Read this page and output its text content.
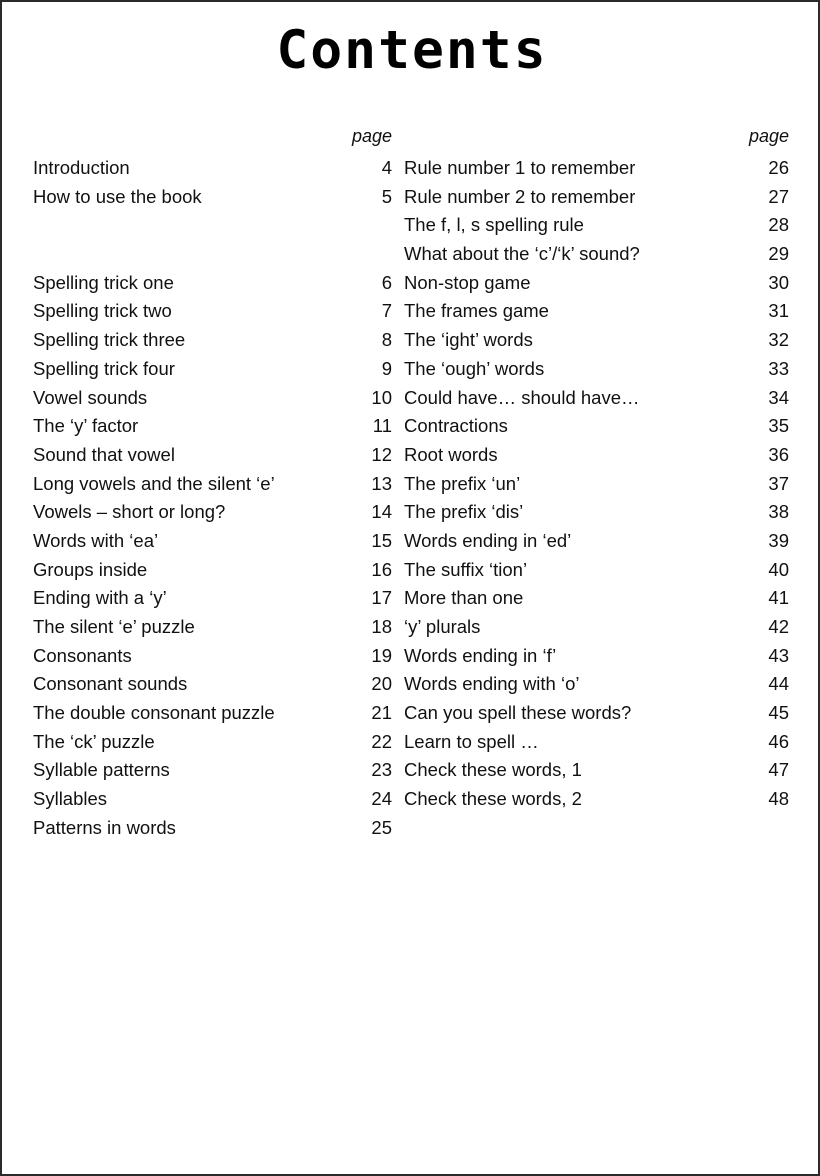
Contents
page
Introduction	4
How to use the book	5
Spelling trick one	6
Spelling trick two	7
Spelling trick three	8
Spelling trick four	9
Vowel sounds	10
The ‘y’ factor	11
Sound that vowel	12
Long vowels and the silent ‘e’	13
Vowels – short or long?	14
Words with ‘ea’	15
Groups inside	16
Ending with a ‘y’	17
The silent ‘e’ puzzle	18
Consonants	19
Consonant sounds	20
The double consonant puzzle	21
The ‘ck’ puzzle	22
Syllable patterns	23
Syllables	24
Patterns in words	25
page
Rule number 1 to remember	26
Rule number 2 to remember	27
The f, l, s spelling rule	28
What about the ‘c’/‘k’ sound?	29
Non-stop game	30
The frames game	31
The ‘ight’ words	32
The ‘ough’ words	33
Could have… should have…	34
Contractions	35
Root words	36
The prefix ‘un’	37
The prefix ‘dis’	38
Words ending in ‘ed’	39
The suffix ‘tion’	40
More than one	41
‘y’ plurals	42
Words ending in ‘f’	43
Words ending with ‘o’	44
Can you spell these words?	45
Learn to spell …	46
Check these words, 1	47
Check these words, 2	48
